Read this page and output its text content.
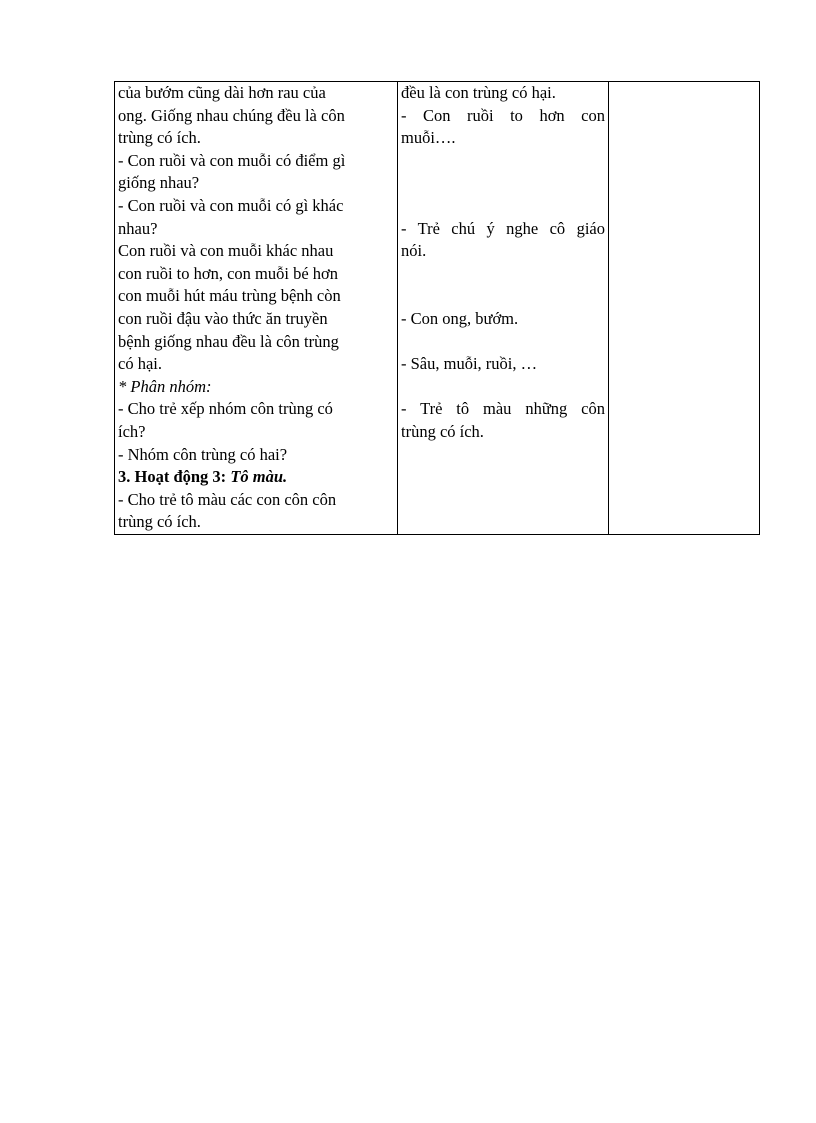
của bướm cũng dài hơn rau của
ong. Giống nhau chúng đều là côn
trùng có ích.
- Con ruồi và con muỗi có điểm gì
giống nhau?
- Con ruồi và con muỗi có gì khác
nhau?
Con ruồi và con muỗi khác nhau
con ruồi to hơn, con muỗi bé hơn
con muỗi hút máu trùng bệnh còn
con ruồi đậu vào thức ăn truyền
bệnh giống nhau đều là côn trùng
có hại.
* Phân nhóm:
- Cho trẻ xếp nhóm côn trùng có
ích?
- Nhóm côn trùng có hai?
3. Hoạt động 3: Tô màu.
- Cho trẻ tô màu các con côn côn
trùng có ích.

đều là con trùng có hại.
- Con ruồi to hơn con
muỗi….
- Trẻ chú ý nghe cô giáo
nói.
- Con ong, bướm.
- Sâu, muỗi, ruồi, …
- Trẻ tô màu những côn
trùng có ích.
